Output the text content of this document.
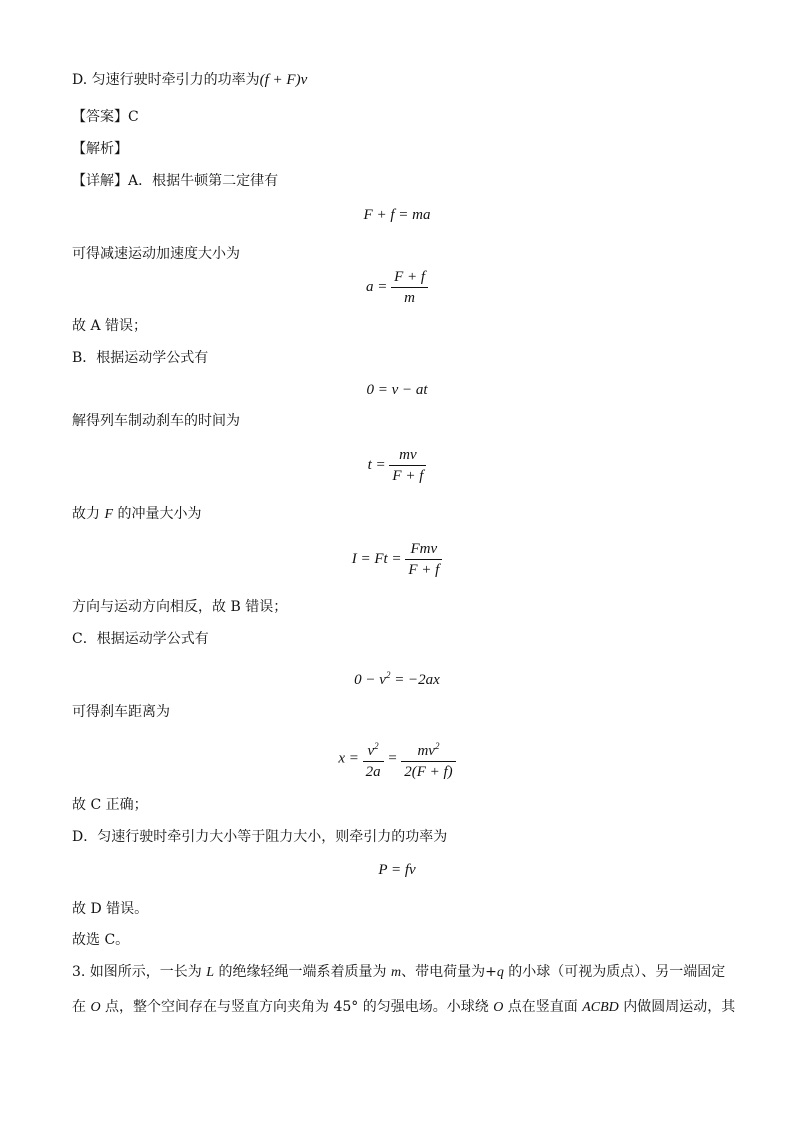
D. 匀速行驶时牵引力的功率为(f + F)v
【答案】C
【解析】
【详解】A．根据牛顿第二定律有
F + f = ma
可得减速运动加速度大小为
$a = \frac{F + f}{m}$
故 A 错误；
B．根据运动学公式有
0 = v − at
解得列车制动刹车的时间为
$t = \frac{mv}{F + f}$
故力 F 的冲量大小为
$I = Ft = \frac{\text{Fmv}}{F + f}$
方向与运动方向相反，故 B 错误；
C．根据运动学公式有
$0 - v^2 = -2ax$
可得刹车距离为
$x = \frac{v^2}{2a} = \frac{mv^2}{2(F + f)}$
故 C 正确；
D．匀速行驶时牵引力大小等于阻力大小，则牵引力的功率为
P = fv
故 D 错误。
故选 C。
3. 如图所示，一长为 L 的绝缘轻绳一端系着质量为 m、带电荷量为+q 的小球（可视为质点）、另一端固定
在 O 点，整个空间存在与竖直方向夹角为 45° 的匀强电场。小球绕 O 点在竖直面 ACBD 内做圆周运动，其
